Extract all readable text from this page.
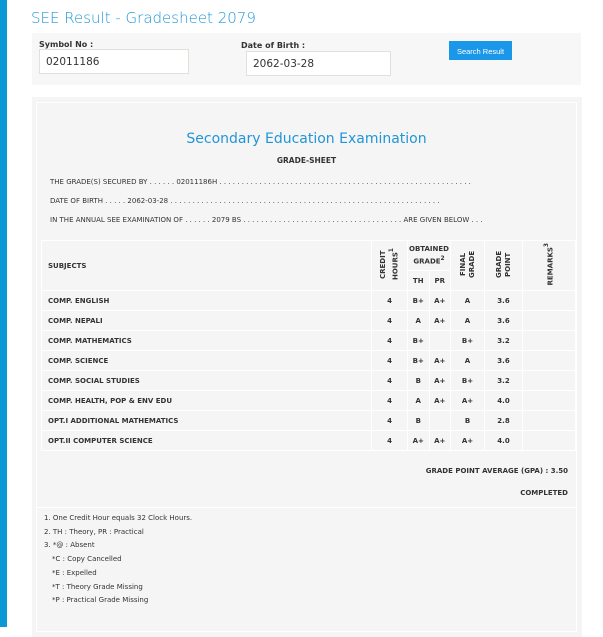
SEE Result - Gradesheet 2079
Symbol No :
02011186
Date of Birth :
2062-03-28
Search Result
Secondary Education Examination
GRADE-SHEET
THE GRADE(S) SECURED BY . . . . . . 02011186H . . . . . . . . . . . . . . . . . . . . . . . . . . . . . . . . . . . . . . . . . . . . . . . . . . . . . . . . .
DATE OF BIRTH . . . . . 2062-03-28 . . . . . . . . . . . . . . . . . . . . . . . . . . . . . . . . . . . . . . . . . . . . . . . . . . . . . . . . . . . . .
IN THE ANNUAL SEE EXAMINATION OF . . . . . . 2079 BS . . . . . . . . . . . . . . . . . . . . . . . . . . . . . . . . . . . . ARE GIVEN BELOW . . .
SUBJECTS	CREDIT HOURS$^1$	OBTAINED GRADE$^2$		FINAL GRADE	GRADE POINT	REMARKS$^3$
		TH	PR			
COMP. ENGLISH	4	B+	A+	A	3.6	
COMP. NEPALI	4	A	A+	A	3.6	
COMP. MATHEMATICS	4	B+		B+	3.2	
COMP. SCIENCE	4	B+	A+	A	3.6	
COMP. SOCIAL STUDIES	4	B	A+	B+	3.2	
COMP. HEALTH, POP & ENV EDU	4	A	A+	A+	4.0	
OPT.I ADDITIONAL MATHEMATICS	4	B		B	2.8	
OPT.II COMPUTER SCIENCE	4	A+	A+	A+	4.0	
GRADE POINT AVERAGE (GPA) : 3.50
COMPLETED
1. One Credit Hour equals 32 Clock Hours.
2. TH : Theory, PR : Practical
3. *@ : Absent
*C : Copy Cancelled
*E : Expelled
*T : Theory Grade Missing
*P : Practical Grade Missing
